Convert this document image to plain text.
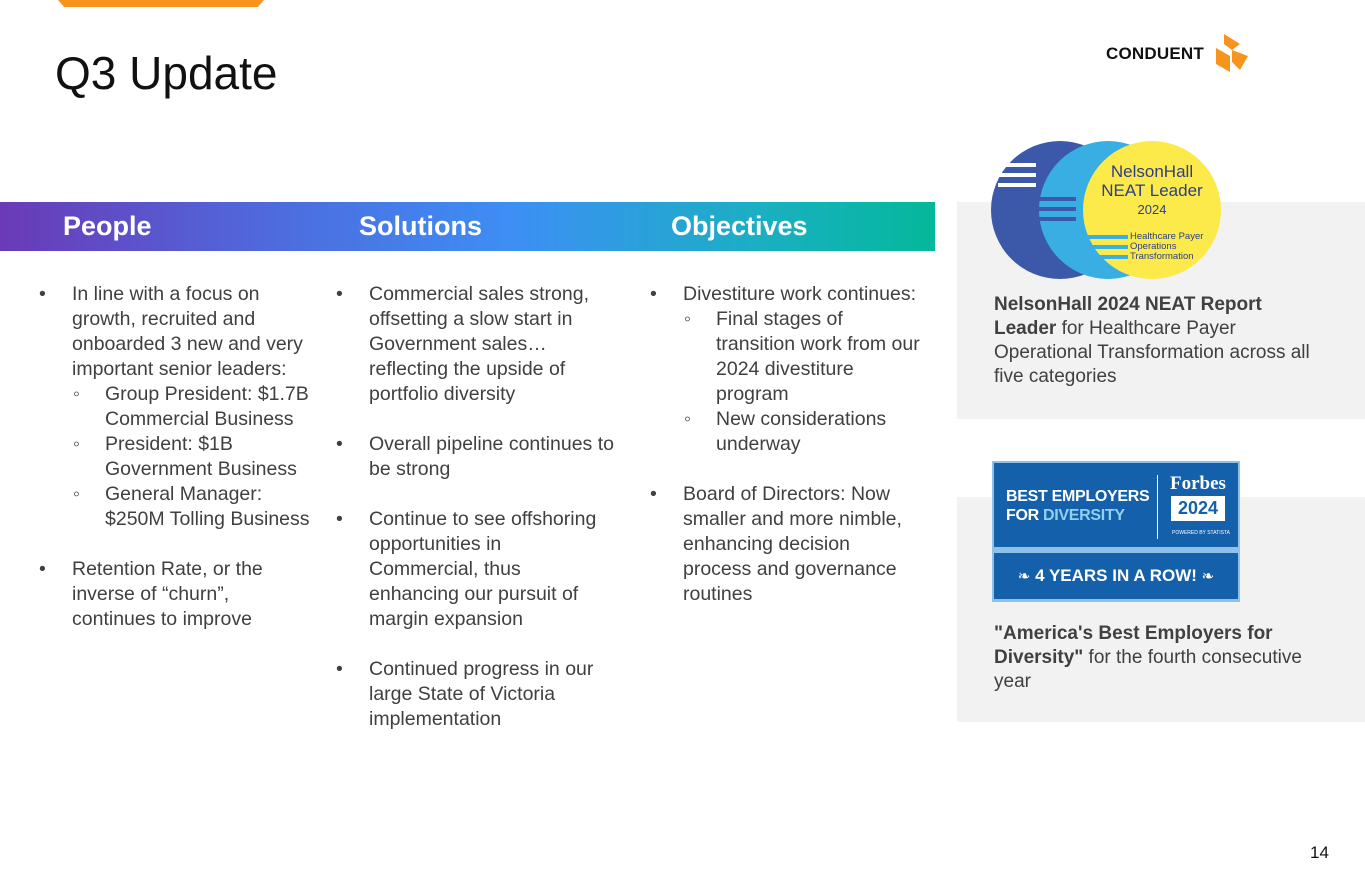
Q3 Update	CONDUENT
People	Solutions	Objectives
• In line with a focus on growth, recruited and onboarded 3 new and very important senior leaders:
◦ Group President: $1.7B Commercial Business
◦ President: $1B Government Business
◦ General Manager: $250M Tolling Business
• Retention Rate, or the inverse of “churn”, continues to improve
• Commercial sales strong, offsetting a slow start in Government sales… reflecting the upside of portfolio diversity
• Overall pipeline continues to be strong
• Continue to see offshoring opportunities in Commercial, thus enhancing our pursuit of margin expansion
• Continued progress in our large State of Victoria implementation
• Divestiture work continues:
◦ Final stages of transition work from our 2024 divestiture program
◦ New considerations underway
• Board of Directors: Now smaller and more nimble, enhancing decision process and governance routines
NelsonHall
NEAT Leader
2024
Healthcare Payer
Operations
Transformation
NelsonHall 2024 NEAT Report Leader for Healthcare Payer Operational Transformation across all five categories
BEST EMPLOYERS
FOR DIVERSITY
Forbes
2024
POWERED BY STATISTA
❧ 4 YEARS IN A ROW! ❧
"America's Best Employers for Diversity" for the fourth consecutive year
14
